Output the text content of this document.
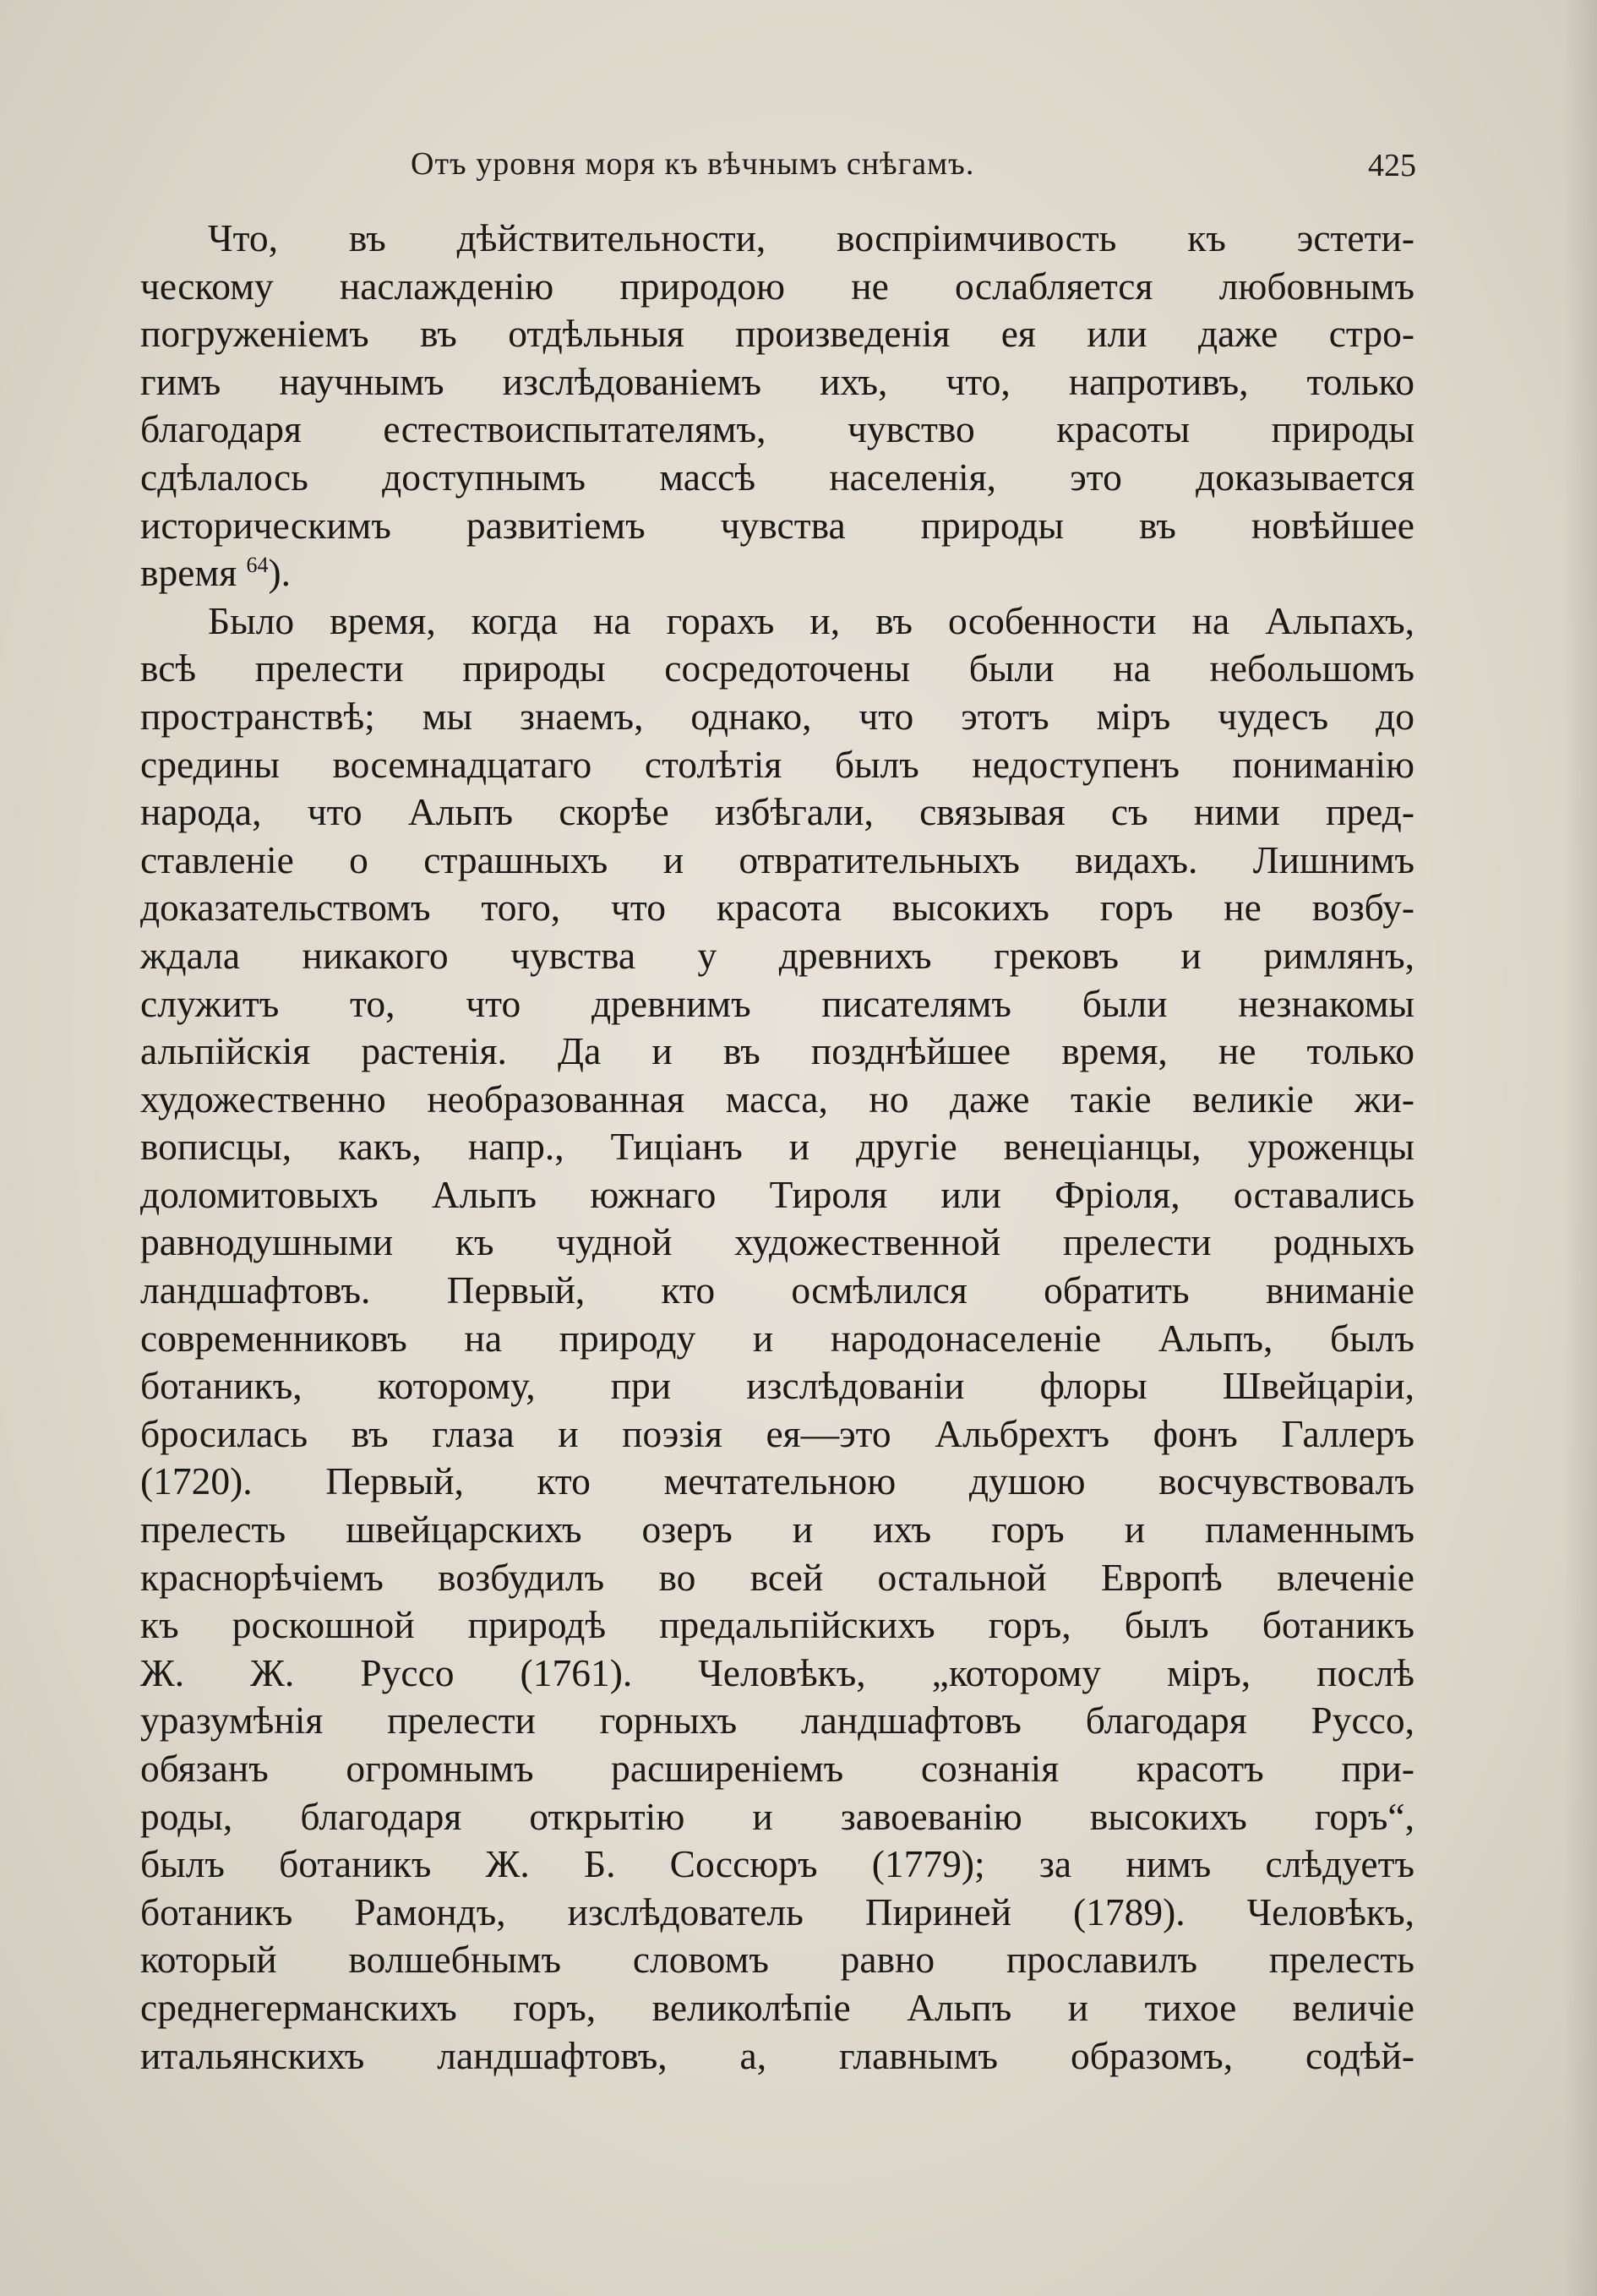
Отъ уровня моря къ вѣчнымъ снѣгамъ.	425
Что, въ дѣйствительности, воспріимчивость къ эстети-
ческому наслажденію природою не ослабляется любовнымъ
погруженіемъ въ отдѣльныя произведенія ея или даже стро-
гимъ научнымъ изслѣдованіемъ ихъ, что, напротивъ, только
благодаря естествоиспытателямъ, чувство красоты природы
сдѣлалось доступнымъ массѣ населенія, это доказывается
историческимъ развитіемъ чувства природы въ новѣйшее
время $^{64}$).
Было время, когда на горахъ и, въ особенности на Альпахъ,
всѣ прелести природы сосредоточены были на небольшомъ
пространствѣ; мы знаемъ, однако, что этотъ міръ чудесъ до
средины восемнадцатаго столѣтія былъ недоступенъ пониманію
народа, что Альпъ скорѣе избѣгали, связывая съ ними пред-
ставленіе о страшныхъ и отвратительныхъ видахъ. Лишнимъ
доказательствомъ того, что красота высокихъ горъ не возбу-
ждала никакого чувства у древнихъ грековъ и римлянъ,
служитъ то, что древнимъ писателямъ были незнакомы
альпійскія растенія. Да и въ позднѣйшее время, не только
художественно необразованная масса, но даже такіе великіе жи-
вописцы, какъ, напр., Тиціанъ и другіе венеціанцы, уроженцы
доломитовыхъ Альпъ южнаго Тироля или Фріоля, оставались
равнодушными къ чудной художественной прелести родныхъ
ландшафтовъ. Первый, кто осмѣлился обратить вниманіе
современниковъ на природу и народонаселеніе Альпъ, былъ
ботаникъ, которому, при изслѣдованіи флоры Швейцаріи,
бросилась въ глаза и поэзія ея—это Альбрехтъ фонъ Галлеръ
(1720). Первый, кто мечтательною душою восчувствовалъ
прелесть швейцарскихъ озеръ и ихъ горъ и пламеннымъ
краснорѣчіемъ возбудилъ во всей остальной Европѣ влеченіе
къ роскошной природѣ предальпійскихъ горъ, былъ ботаникъ
Ж. Ж. Руссо (1761). Человѣкъ, „которому міръ, послѣ
уразумѣнія прелести горныхъ ландшафтовъ благодаря Руссо,
обязанъ огромнымъ расширеніемъ сознанія красотъ при-
роды, благодаря открытію и завоеванію высокихъ горъ“,
былъ ботаникъ Ж. Б. Соссюръ (1779); за нимъ слѣдуетъ
ботаникъ Рамондъ, изслѣдователь Пириней (1789). Человѣкъ,
который волшебнымъ словомъ равно прославилъ прелесть
среднегерманскихъ горъ, великолѣпіе Альпъ и тихое величіе
итальянскихъ ландшафтовъ, а, главнымъ образомъ, содѣй-
